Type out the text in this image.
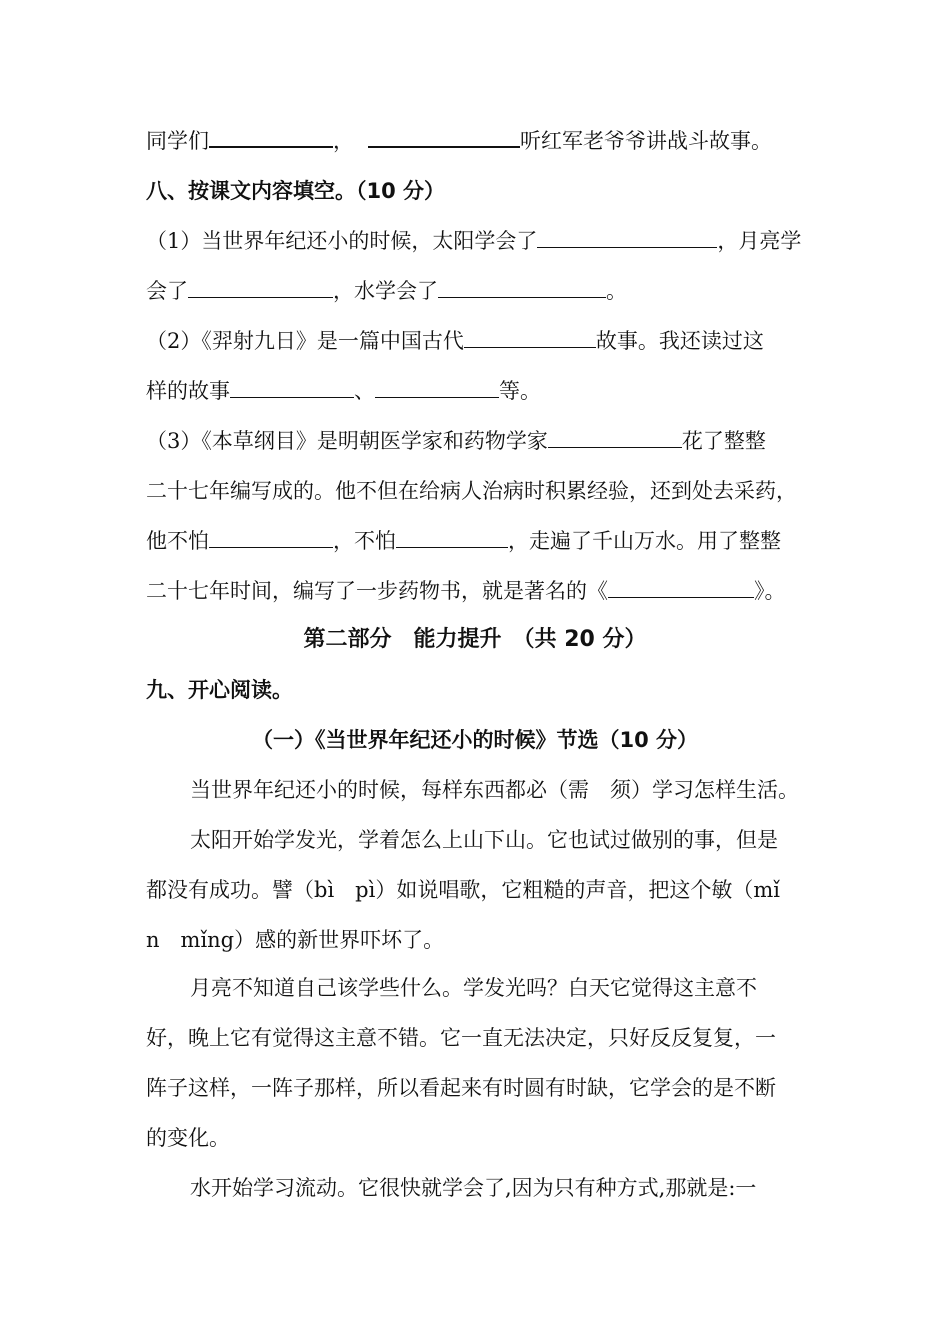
同学们	，	听红军老爷爷讲战斗故事。
八、按课文内容填空。（10 分）
（1）当世界年纪还小的时候，太阳学会了	，月亮学
会了	，水学会了	。
（2）《羿射九日》是一篇中国古代	故事。我还读过这
样的故事	、	等。
（3）《本草纲目》是明朝医学家和药物学家	花了整整
二十七年编写成的。他不但在给病人治病时积累经验，还到处去采药，
他不怕	，不怕	，走遍了千山万水。用了整整
二十七年时间，编写了一步药物书，就是著名的《	》。
第二部分　能力提升　（共 20 分）
九、开心阅读。
（一）《当世界年纪还小的时候》节选（10 分）
当世界年纪还小的时候，每样东西都必（需　须）学习怎样生活。
太阳开始学发光，学着怎么上山下山。它也试过做别的事，但是
都没有成功。譬（bì　pì）如说唱歌，它粗糙的声音，把这个敏（mǐ
n　mǐng）感的新世界吓坏了。
月亮不知道自己该学些什么。学发光吗？白天它觉得这主意不
好，晚上它有觉得这主意不错。它一直无法决定，只好反反复复，一
阵子这样，一阵子那样，所以看起来有时圆有时缺，它学会的是不断
的变化。
水开始学习流动。它很快就学会了,因为只有种方式,那就是:一
